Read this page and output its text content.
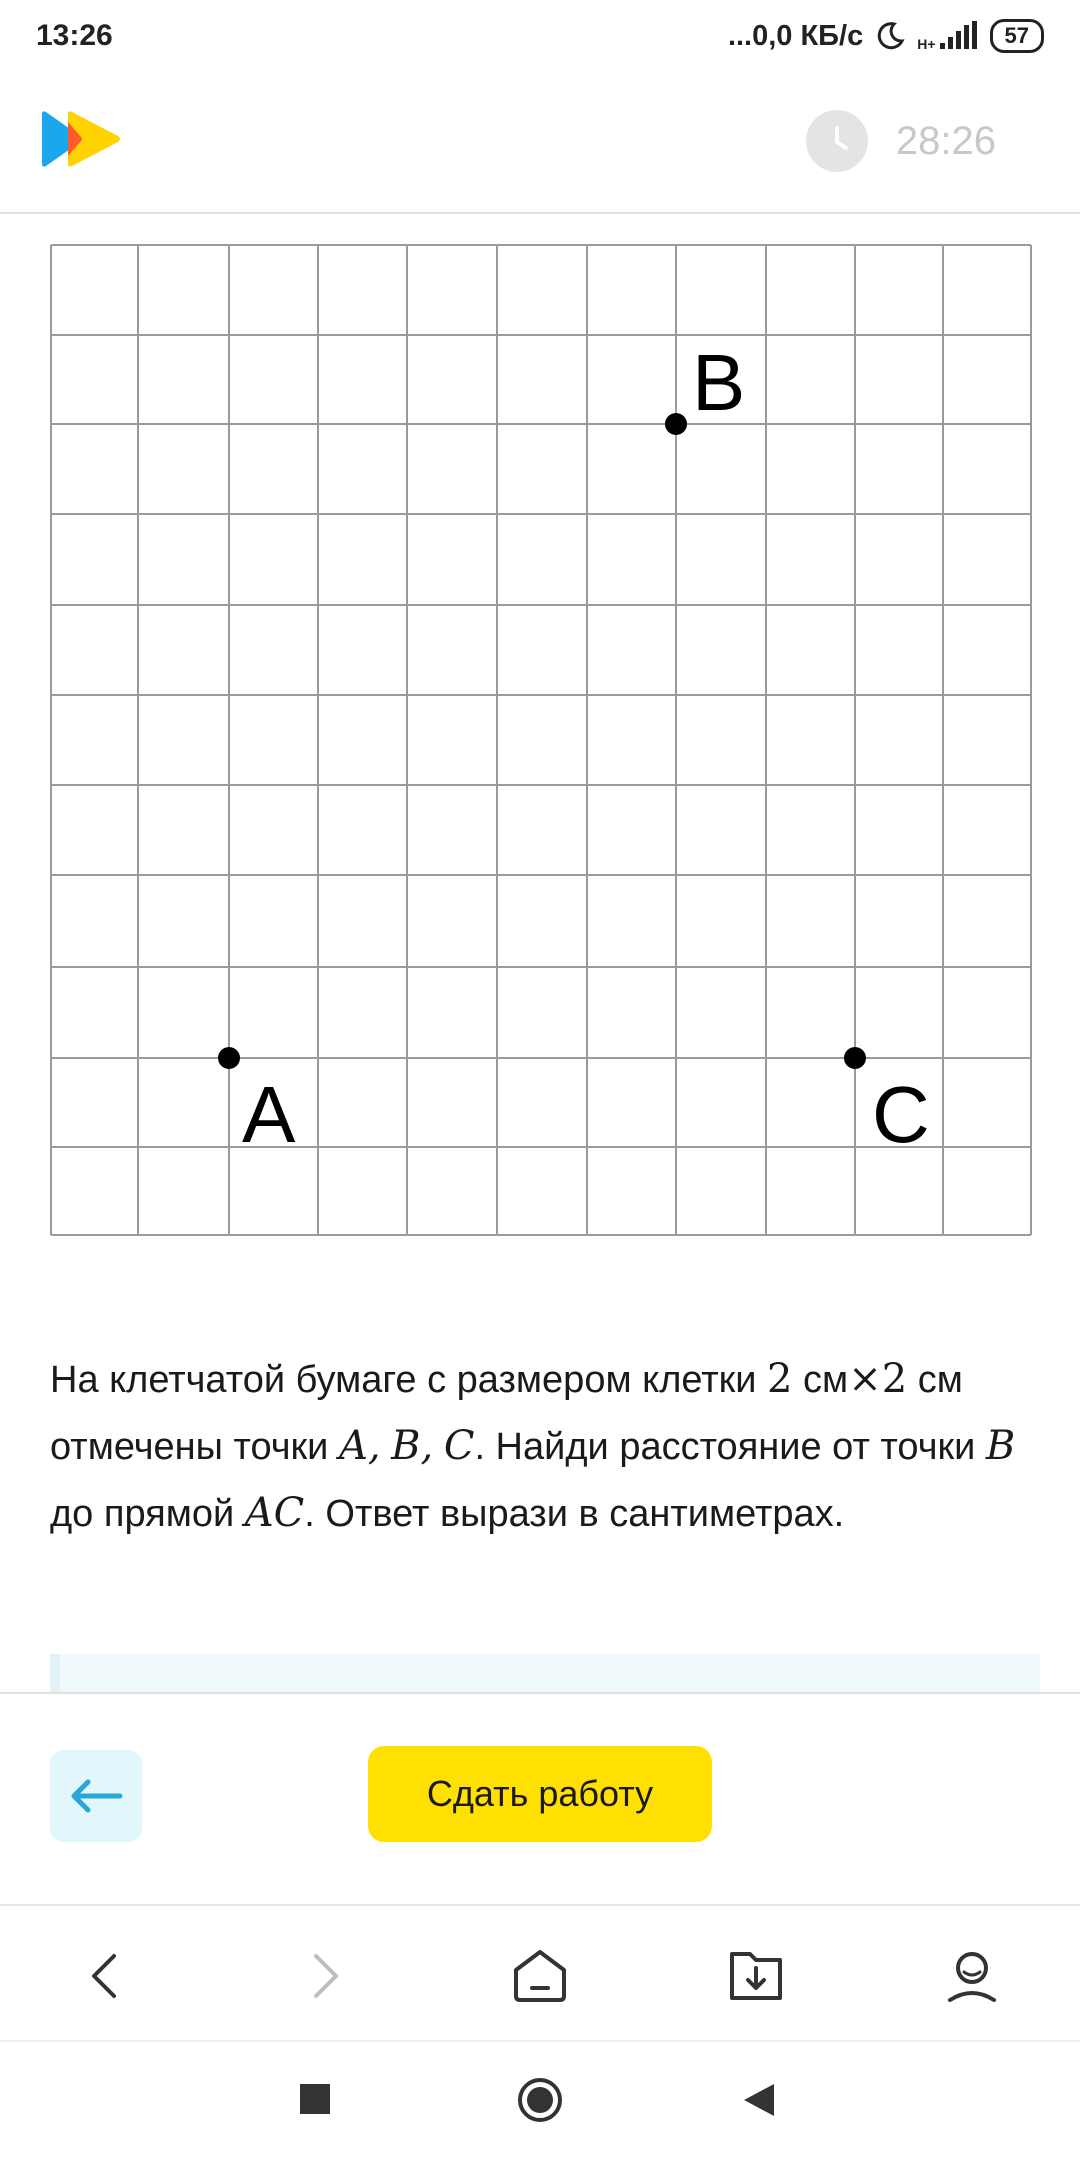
13:26	...0,0 КБ/с	H+	57
28:26
A
B
C
На клетчатой бумаге с размером клетки 2 см×2 см отмечены точки A, B, C. Найди расстояние от точки B до прямой AC. Ответ вырази в сантиметрах.
Сдать работу
